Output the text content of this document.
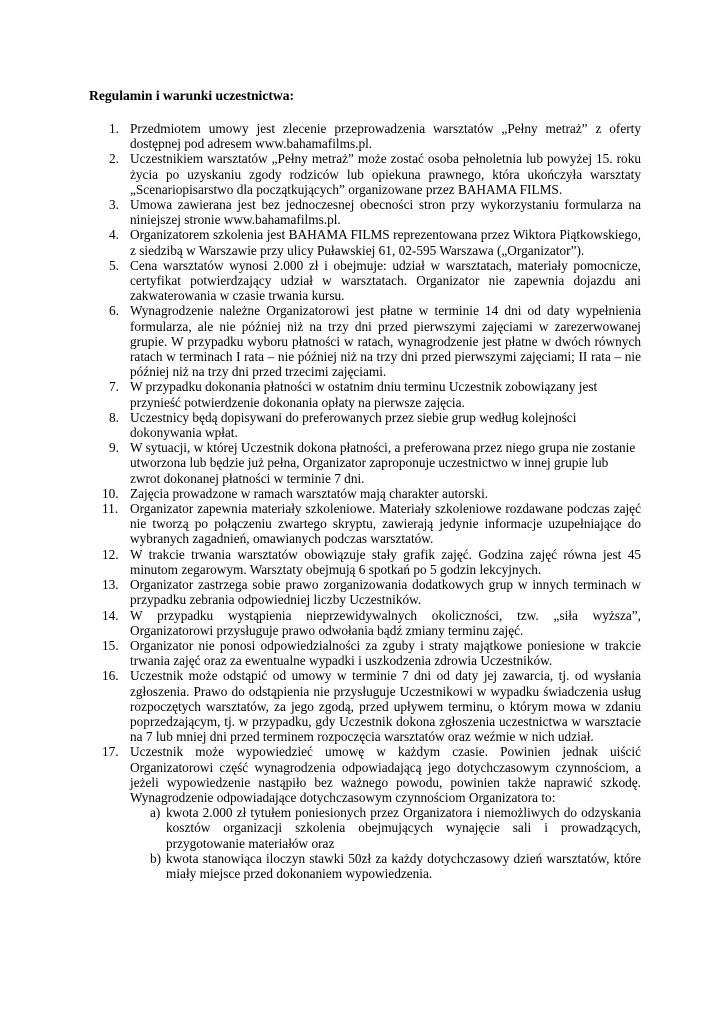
Regulamin i warunki uczestnictwa:

1. Przedmiotem umowy jest zlecenie przeprowadzenia warsztatów „Pełny metraż” z oferty dostępnej pod adresem www.bahamafilms.pl.
2. Uczestnikiem warsztatów „Pełny metraż” może zostać osoba pełnoletnia lub powyżej 15. roku życia po uzyskaniu zgody rodziców lub opiekuna prawnego, która ukończyła warsztaty „Scenariopisarstwo dla początkujących” organizowane przez BAHAMA FILMS.
3. Umowa zawierana jest bez jednoczesnej obecności stron przy wykorzystaniu formularza na niniejszej stronie www.bahamafilms.pl.
4. Organizatorem szkolenia jest BAHAMA FILMS reprezentowana przez Wiktora Piątkowskiego, z siedzibą w Warszawie przy ulicy Puławskiej 61, 02-595 Warszawa („Organizator”).
5. Cena warsztatów wynosi 2.000 zł i obejmuje: udział w warsztatach, materiały pomocnicze, certyfikat potwierdzający udział w warsztatach. Organizator nie zapewnia dojazdu ani zakwaterowania w czasie trwania kursu.
6. Wynagrodzenie należne Organizatorowi jest płatne w terminie 14 dni od daty wypełnienia formularza, ale nie później niż na trzy dni przed pierwszymi zajęciami w zarezerwowanej grupie. W przypadku wyboru płatności w ratach, wynagrodzenie jest płatne w dwóch równych ratach w terminach I rata – nie później niż na trzy dni przed pierwszymi zajęciami; II rata – nie później niż na trzy dni przed trzecimi zajęciami.
7. W przypadku dokonania płatności w ostatnim dniu terminu Uczestnik zobowiązany jest przynieść potwierdzenie dokonania opłaty na pierwsze zajęcia.
8. Uczestnicy będą dopisywani do preferowanych przez siebie grup według kolejności dokonywania wpłat.
9. W sytuacji, w której Uczestnik dokona płatności, a preferowana przez niego grupa nie zostanie utworzona lub będzie już pełna, Organizator zaproponuje uczestnictwo w innej grupie lub zwrot dokonanej płatności w terminie 7 dni.
10. Zajęcia prowadzone w ramach warsztatów mają charakter autorski.
11. Organizator zapewnia materiały szkoleniowe. Materiały szkoleniowe rozdawane podczas zajęć nie tworzą po połączeniu zwartego skryptu, zawierają jedynie informacje uzupełniające do wybranych zagadnień, omawianych podczas warsztatów.
12. W trakcie trwania warsztatów obowiązuje stały grafik zajęć. Godzina zajęć równa jest 45 minutom zegarowym. Warsztaty obejmują 6 spotkań po 5 godzin lekcyjnych.
13. Organizator zastrzega sobie prawo zorganizowania dodatkowych grup w innych terminach w przypadku zebrania odpowiedniej liczby Uczestników.
14. W przypadku wystąpienia nieprzewidywalnych okoliczności, tzw. „siła wyższa”, Organizatorowi przysługuje prawo odwołania bądź zmiany terminu zajęć.
15. Organizator nie ponosi odpowiedzialności za zguby i straty majątkowe poniesione w trakcie trwania zajęć oraz za ewentualne wypadki i uszkodzenia zdrowia Uczestników.
16. Uczestnik może odstąpić od umowy w terminie 7 dni od daty jej zawarcia, tj. od wysłania zgłoszenia. Prawo do odstąpienia nie przysługuje Uczestnikowi w wypadku świadczenia usług rozpoczętych warsztatów, za jego zgodą, przed upływem terminu, o którym mowa w zdaniu poprzedzającym, tj. w przypadku, gdy Uczestnik dokona zgłoszenia uczestnictwa w warsztacie na 7 lub mniej dni przed terminem rozpoczęcia warsztatów oraz weźmie w nich udział.
17. Uczestnik może wypowiedzieć umowę w każdym czasie. Powinien jednak uiścić Organizatorowi część wynagrodzenia odpowiadającą jego dotychczasowym czynnościom, a jeżeli wypowiedzenie nastąpiło bez ważnego powodu, powinien także naprawić szkodę. Wynagrodzenie odpowiadające dotychczasowym czynnościom Organizatora to:
a) kwota 2.000 zł tytułem poniesionych przez Organizatora i niemożliwych do odzyskania kosztów organizacji szkolenia obejmujących wynajęcie sali i prowadzących, przygotowanie materiałów oraz
b) kwota stanowiąca iloczyn stawki 50zł za każdy dotychczasowy dzień warsztatów, które miały miejsce przed dokonaniem wypowiedzenia.
